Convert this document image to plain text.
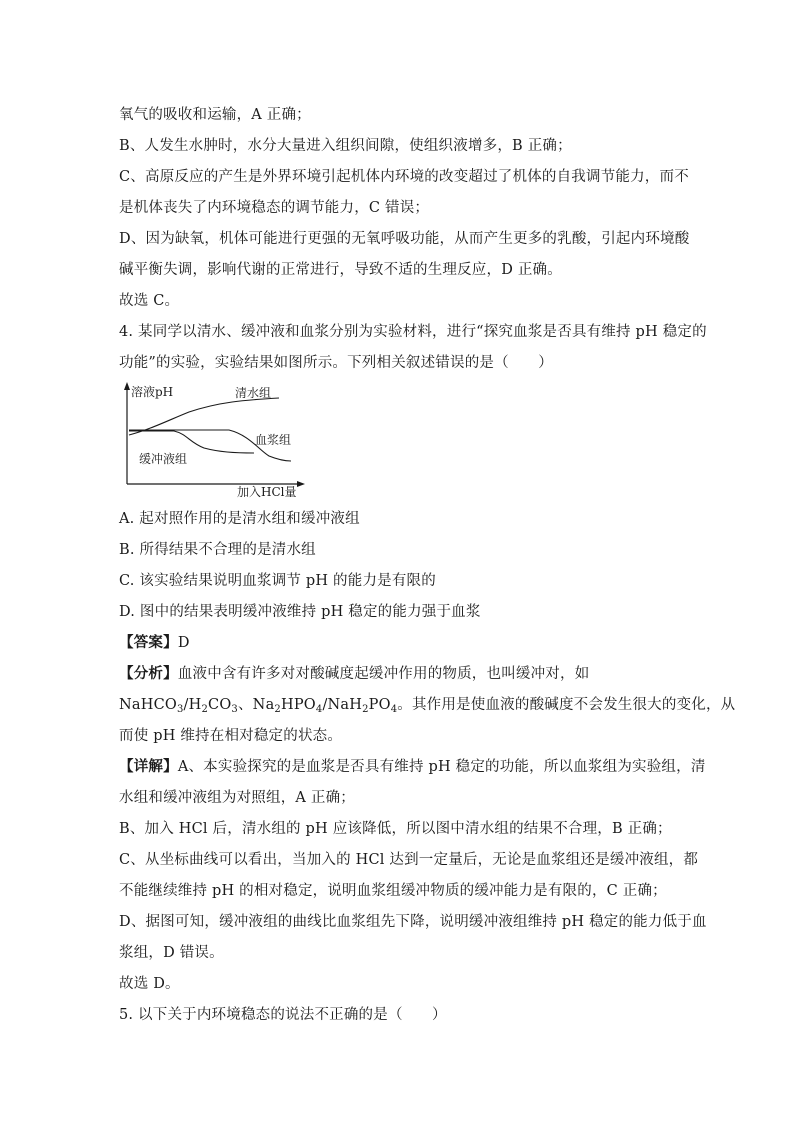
氧气的吸收和运输，A 正确；
B、人发生水肿时，水分大量进入组织间隙，使组织液增多，B 正确；
C、高原反应的产生是外界环境引起机体内环境的改变超过了机体的自我调节能力，而不
是机体丧失了内环境稳态的调节能力，C 错误；
D、因为缺氧，机体可能进行更强的无氧呼吸功能，从而产生更多的乳酸，引起内环境酸
碱平衡失调，影响代谢的正常进行，导致不适的生理反应，D 正确。
故选 C。
4. 某同学以清水、缓冲液和血浆分别为实验材料，进行“探究血浆是否具有维持 pH 稳定的
功能”的实验，实验结果如图所示。下列相关叙述错误的是（　　）
溶液pH	清水组
血浆组
缓冲液组
加入HCl量
A. 起对照作用的是清水组和缓冲液组
B. 所得结果不合理的是清水组
C. 该实验结果说明血浆调节 pH 的能力是有限的
D. 图中的结果表明缓冲液维持 pH 稳定的能力强于血浆
【答案】D
【分析】血液中含有许多对对酸碱度起缓冲作用的物质，也叫缓冲对，如
$NaHCO_3/H_2CO_3$、$Na_2HPO_4/NaH_2PO_4$。其作用是使血液的酸碱度不会发生很大的变化，从
而使 pH 维持在相对稳定的状态。
【详解】A、本实验探究的是血浆是否具有维持 pH 稳定的功能，所以血浆组为实验组，清
水组和缓冲液组为对照组，A 正确；
B、加入 HCl 后，清水组的 pH 应该降低，所以图中清水组的结果不合理，B 正确；
C、从坐标曲线可以看出，当加入的 HCl 达到一定量后，无论是血浆组还是缓冲液组，都
不能继续维持 pH 的相对稳定，说明血浆组缓冲物质的缓冲能力是有限的，C 正确；
D、据图可知，缓冲液组的曲线比血浆组先下降，说明缓冲液组维持 pH 稳定的能力低于血
浆组，D 错误。
故选 D。
5. 以下关于内环境稳态的说法不正确的是（　　）
